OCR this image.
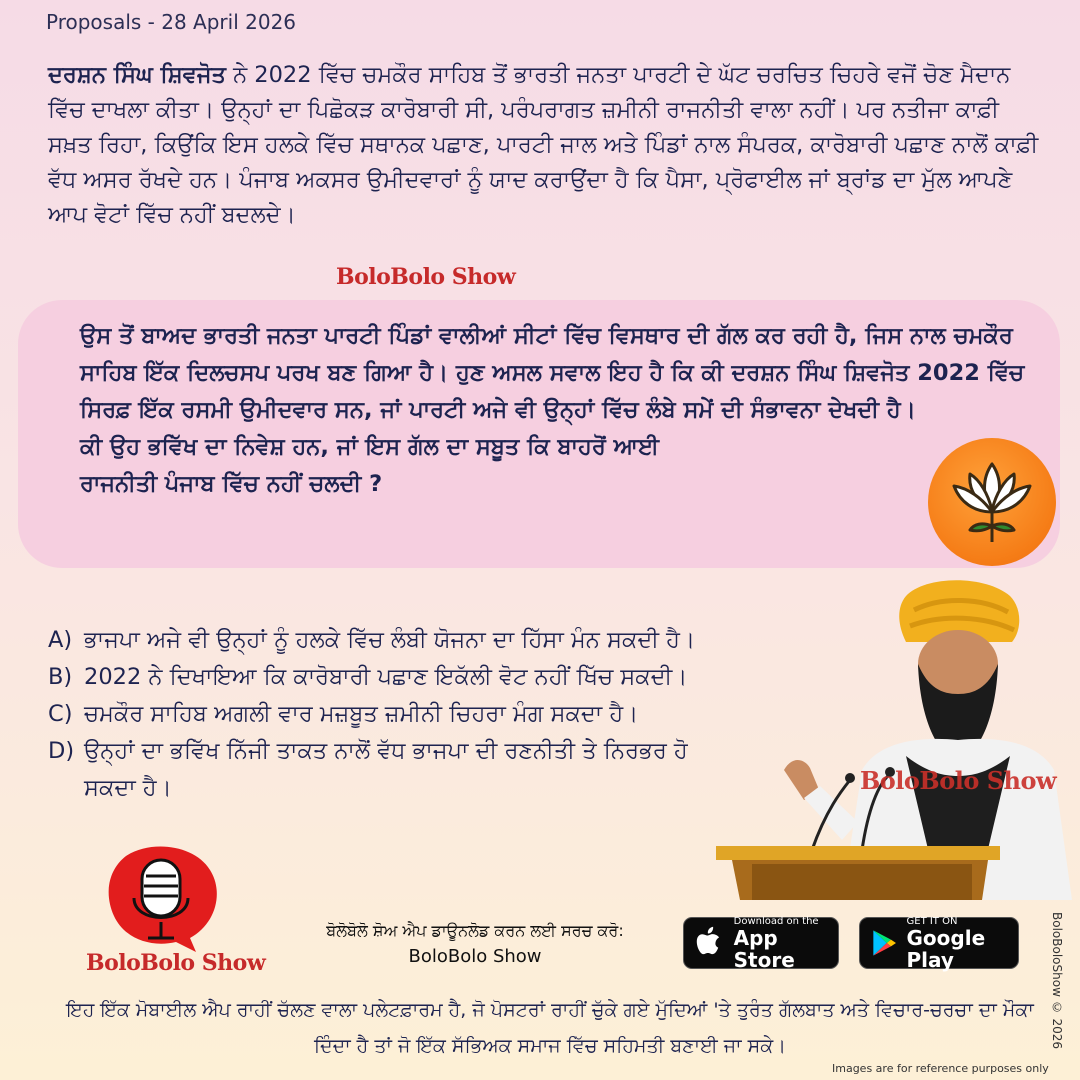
Proposals - 28 April 2026
ਦਰਸ਼ਨ ਸਿੰਘ ਸ਼ਿਵਜੋਤ ਨੇ 2022 ਵਿੱਚ ਚਮਕੌਰ ਸਾਹਿਬ ਤੋਂ ਭਾਰਤੀ ਜਨਤਾ ਪਾਰਟੀ ਦੇ ਘੱਟ ਚਰਚਿਤ ਚਿਹਰੇ ਵਜੋਂ ਚੋਣ ਮੈਦਾਨ ਵਿੱਚ ਦਾਖਲਾ ਕੀਤਾ। ਉਨ੍ਹਾਂ ਦਾ ਪਿਛੋਕੜ ਕਾਰੋਬਾਰੀ ਸੀ, ਪਰੰਪਰਾਗਤ ਜ਼ਮੀਨੀ ਰਾਜਨੀਤੀ ਵਾਲਾ ਨਹੀਂ। ਪਰ ਨਤੀਜਾ ਕਾਫ਼ੀ ਸਖ਼ਤ ਰਿਹਾ, ਕਿਉਂਕਿ ਇਸ ਹਲਕੇ ਵਿੱਚ ਸਥਾਨਕ ਪਛਾਣ, ਪਾਰਟੀ ਜਾਲ ਅਤੇ ਪਿੰਡਾਂ ਨਾਲ ਸੰਪਰਕ, ਕਾਰੋਬਾਰੀ ਪਛਾਣ ਨਾਲੋਂ ਕਾਫ਼ੀ ਵੱਧ ਅਸਰ ਰੱਖਦੇ ਹਨ। ਪੰਜਾਬ ਅਕਸਰ ਉਮੀਦਵਾਰਾਂ ਨੂੰ ਯਾਦ ਕਰਾਉਂਦਾ ਹੈ ਕਿ ਪੈਸਾ, ਪ੍ਰੋਫਾਈਲ ਜਾਂ ਬ੍ਰਾਂਡ ਦਾ ਮੁੱਲ ਆਪਣੇ ਆਪ ਵੋਟਾਂ ਵਿੱਚ ਨਹੀਂ ਬਦਲਦੇ।
BoloBolo Show
ਉਸ ਤੋਂ ਬਾਅਦ ਭਾਰਤੀ ਜਨਤਾ ਪਾਰਟੀ ਪਿੰਡਾਂ ਵਾਲੀਆਂ ਸੀਟਾਂ ਵਿੱਚ ਵਿਸਥਾਰ ਦੀ ਗੱਲ ਕਰ ਰਹੀ ਹੈ, ਜਿਸ ਨਾਲ ਚਮਕੌਰ ਸਾਹਿਬ ਇੱਕ ਦਿਲਚਸਪ ਪਰਖ ਬਣ ਗਿਆ ਹੈ। ਹੁਣ ਅਸਲ ਸਵਾਲ ਇਹ ਹੈ ਕਿ ਕੀ ਦਰਸ਼ਨ ਸਿੰਘ ਸ਼ਿਵਜੋਤ 2022 ਵਿੱਚ ਸਿਰਫ਼ ਇੱਕ ਰਸਮੀ ਉਮੀਦਵਾਰ ਸਨ, ਜਾਂ ਪਾਰਟੀ ਅਜੇ ਵੀ ਉਨ੍ਹਾਂ ਵਿੱਚ ਲੰਬੇ ਸਮੇਂ ਦੀ ਸੰਭਾਵਨਾ ਦੇਖਦੀ ਹੈ।
ਕੀ ਉਹ ਭਵਿੱਖ ਦਾ ਨਿਵੇਸ਼ ਹਨ, ਜਾਂ ਇਸ ਗੱਲ ਦਾ ਸਬੂਤ ਕਿ ਬਾਹਰੋਂ ਆਈ
ਰਾਜਨੀਤੀ ਪੰਜਾਬ ਵਿੱਚ ਨਹੀਂ ਚਲਦੀ ?
A) ਭਾਜਪਾ ਅਜੇ ਵੀ ਉਨ੍ਹਾਂ ਨੂੰ ਹਲਕੇ ਵਿੱਚ ਲੰਬੀ ਯੋਜਨਾ ਦਾ ਹਿੱਸਾ ਮੰਨ ਸਕਦੀ ਹੈ।
B) 2022 ਨੇ ਦਿਖਾਇਆ ਕਿ ਕਾਰੋਬਾਰੀ ਪਛਾਣ ਇਕੱਲੀ ਵੋਟ ਨਹੀਂ ਖਿੱਚ ਸਕਦੀ।
C) ਚਮਕੌਰ ਸਾਹਿਬ ਅਗਲੀ ਵਾਰ ਮਜ਼ਬੂਤ ਜ਼ਮੀਨੀ ਚਿਹਰਾ ਮੰਗ ਸਕਦਾ ਹੈ।
D) ਉਨ੍ਹਾਂ ਦਾ ਭਵਿੱਖ ਨਿੱਜੀ ਤਾਕਤ ਨਾਲੋਂ ਵੱਧ ਭਾਜਪਾ ਦੀ ਰਣਨੀਤੀ ਤੇ ਨਿਰਭਰ ਹੋ ਸਕਦਾ ਹੈ।	BoloBolo Show
BoloBolo Show
ਬੋਲੋਬੋਲੋ ਸ਼ੋਅ ਐਪ ਡਾਊਨਲੋਡ ਕਰਨ ਲਈ ਸਰਚ ਕਰੋ:
BoloBolo Show
Download on the
App Store
GET IT ON
Google Play	BoloBoloShow © 2026
ਇਹ ਇੱਕ ਮੋਬਾਈਲ ਐਪ ਰਾਹੀਂ ਚੱਲਣ ਵਾਲਾ ਪਲੇਟਫ਼ਾਰਮ ਹੈ, ਜੋ ਪੋਸਟਰਾਂ ਰਾਹੀਂ ਚੁੱਕੇ ਗਏ ਮੁੱਦਿਆਂ 'ਤੇ ਤੁਰੰਤ ਗੱਲਬਾਤ ਅਤੇ ਵਿਚਾਰ-ਚਰਚਾ ਦਾ ਮੌਕਾ ਦਿੰਦਾ ਹੈ ਤਾਂ ਜੋ ਇੱਕ ਸੱਭਿਅਕ ਸਮਾਜ ਵਿੱਚ ਸਹਿਮਤੀ ਬਣਾਈ ਜਾ ਸਕੇ।
Images are for reference purposes only
